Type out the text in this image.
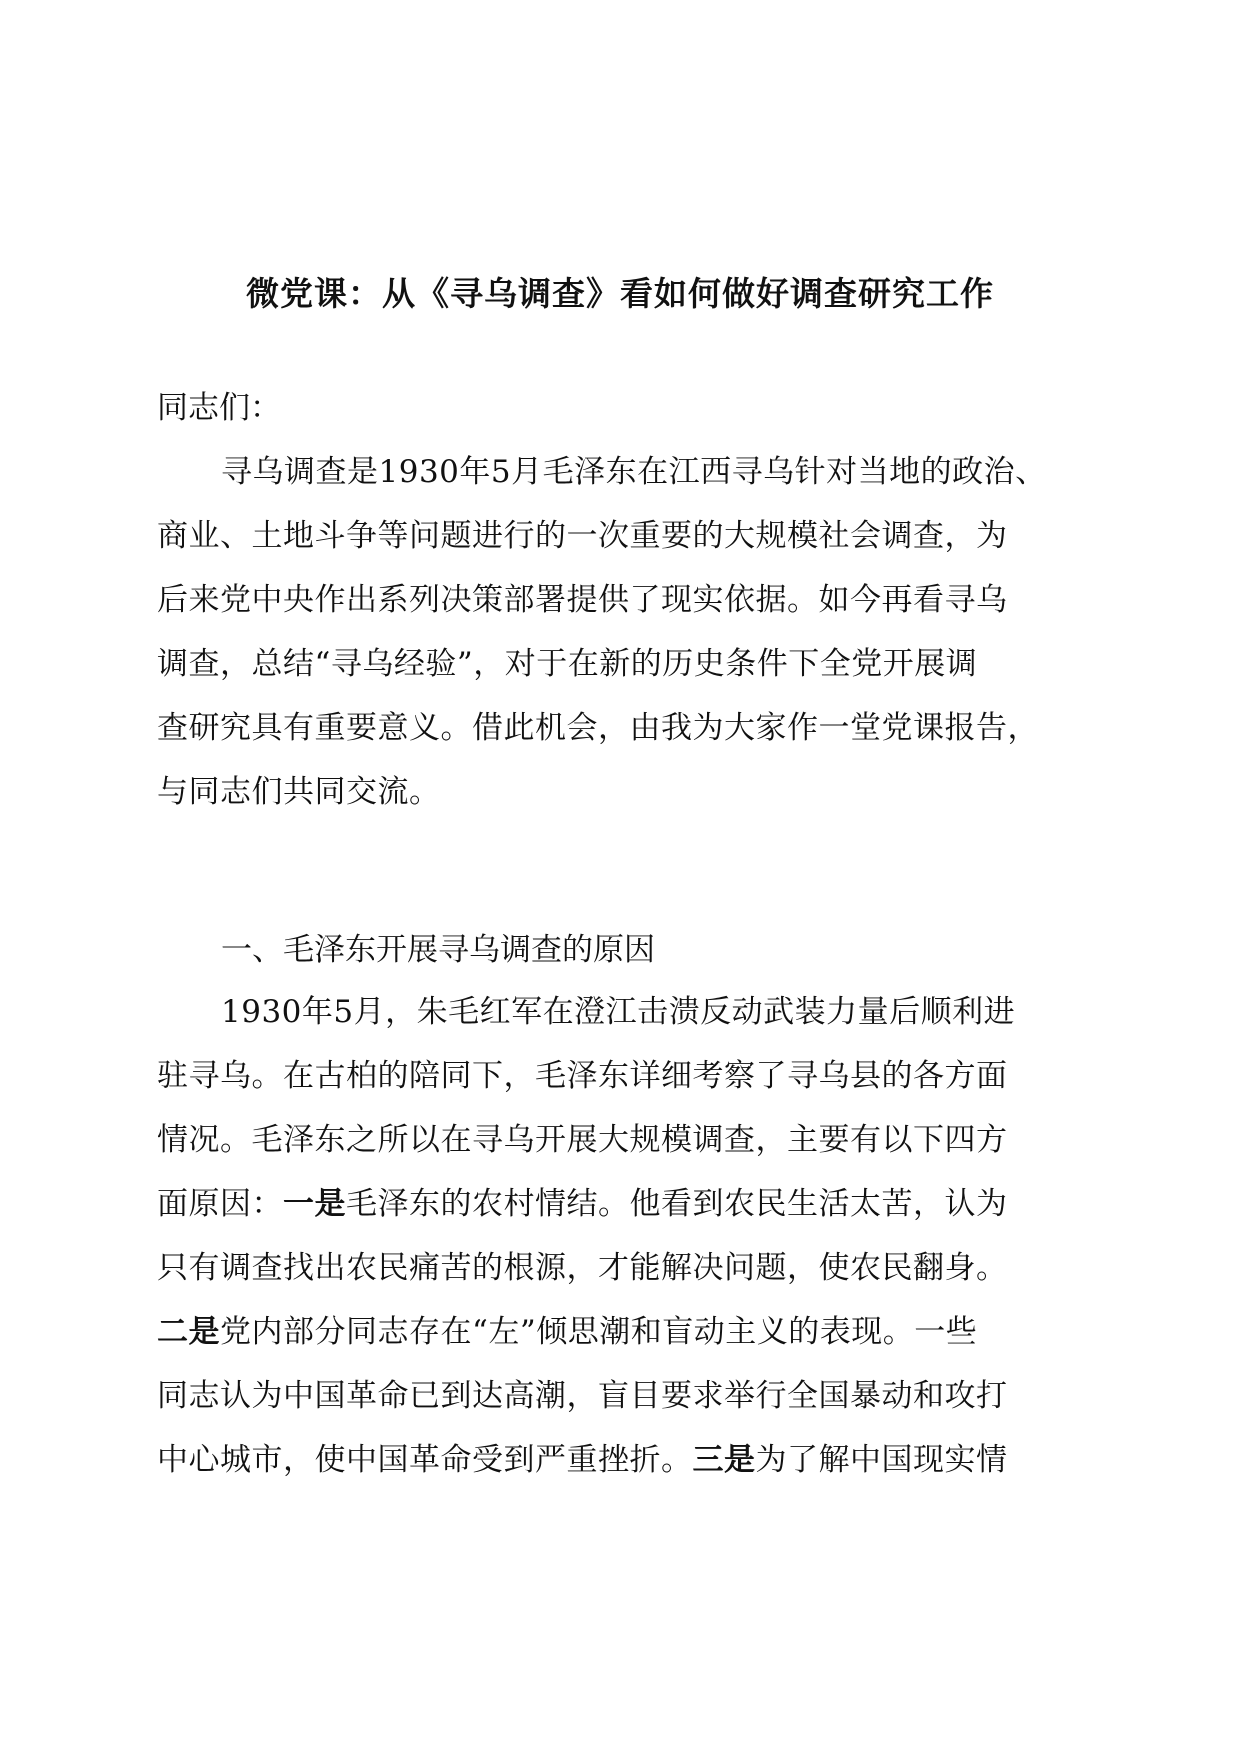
微党课：从《寻乌调查》看如何做好调查研究工作

同志们：

寻乌调查是1930年5月毛泽东在江西寻乌针对当地的政治、
商业、土地斗争等问题进行的一次重要的大规模社会调查，为
后来党中央作出系列决策部署提供了现实依据。如今再看寻乌
调查，总结“寻乌经验”，对于在新的历史条件下全党开展调
查研究具有重要意义。借此机会，由我为大家作一堂党课报告，
与同志们共同交流。

一、毛泽东开展寻乌调查的原因

1930年5月，朱毛红军在澄江击溃反动武装力量后顺利进
驻寻乌。在古柏的陪同下，毛泽东详细考察了寻乌县的各方面
情况。毛泽东之所以在寻乌开展大规模调查，主要有以下四方
面原因：一是毛泽东的农村情结。他看到农民生活太苦，认为
只有调查找出农民痛苦的根源，才能解决问题，使农民翻身。
二是党内部分同志存在“左”倾思潮和盲动主义的表现。一些
同志认为中国革命已到达高潮，盲目要求举行全国暴动和攻打
中心城市，使中国革命受到严重挫折。三是为了解中国现实情
